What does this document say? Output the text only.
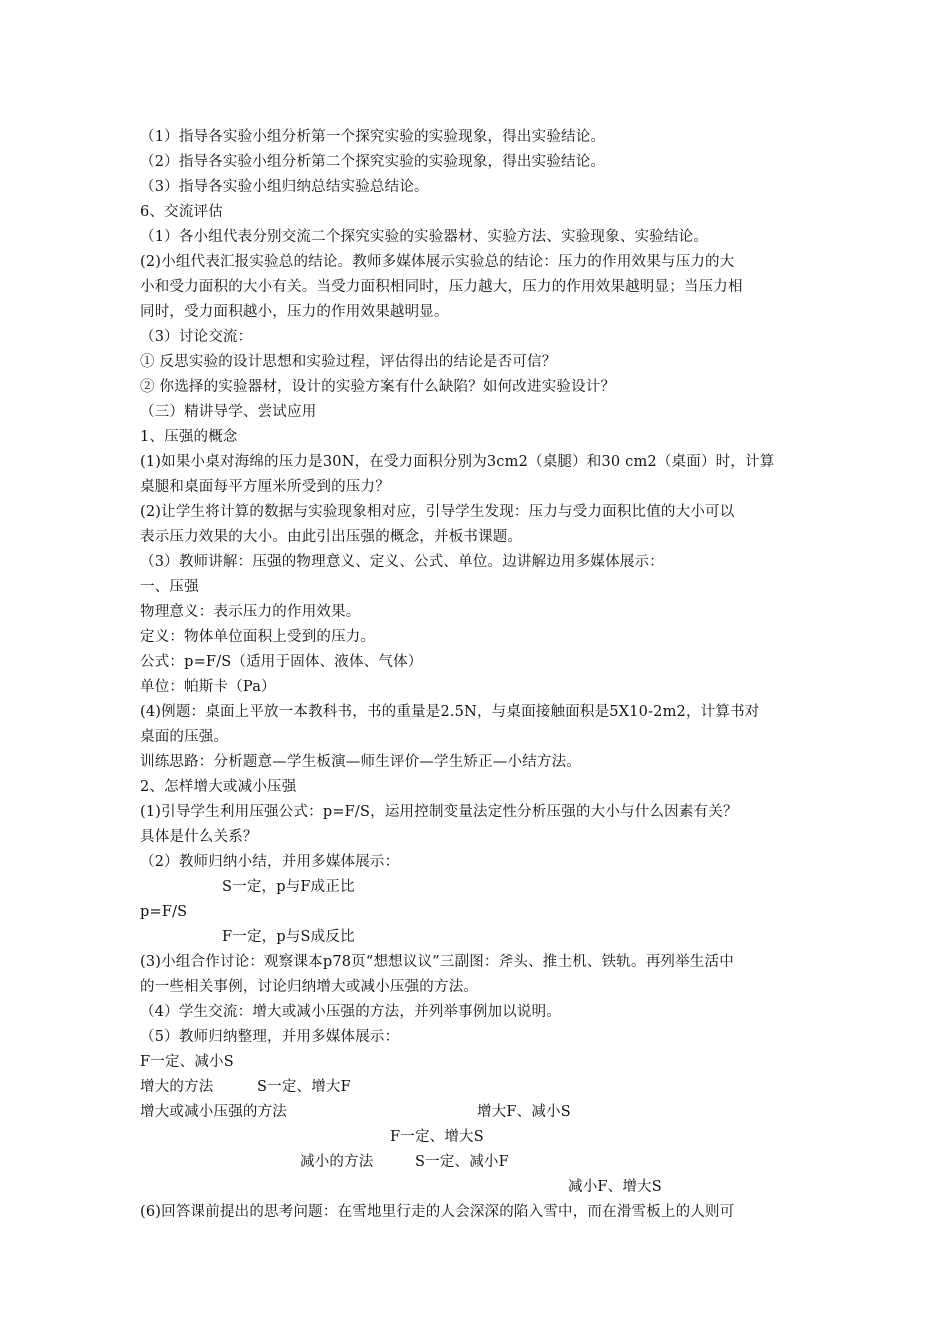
（1）指导各实验小组分析第一个探究实验的实验现象，得出实验结论。
（2）指导各实验小组分析第二个探究实验的实验现象，得出实验结论。
（3）指导各实验小组归纳总结实验总结论。
6、交流评估
（1）各小组代表分别交流二个探究实验的实验器材、实验方法、实验现象、实验结论。
(2)小组代表汇报实验总的结论。教师多媒体展示实验总的结论：压力的作用效果与压力的大
小和受力面积的大小有关。当受力面积相同时，压力越大，压力的作用效果越明显；当压力相
同时，受力面积越小，压力的作用效果越明显。
（3）讨论交流：
① 反思实验的设计思想和实验过程，评估得出的结论是否可信？
② 你选择的实验器材，设计的实验方案有什么缺陷？如何改进实验设计？
（三）精讲导学、尝试应用
1、压强的概念
(1)如果小桌对海绵的压力是30N，在受力面积分别为3cm2（桌腿）和30 cm2（桌面）时，计算
桌腿和桌面每平方厘米所受到的压力？
(2)让学生将计算的数据与实验现象相对应，引导学生发现：压力与受力面积比值的大小可以
表示压力效果的大小。由此引出压强的概念，并板书课题。
（3）教师讲解：压强的物理意义、定义、公式、单位。边讲解边用多媒体展示：
一、压强
物理意义：表示压力的作用效果。
定义：物体单位面积上受到的压力。
公式：p=F/S（适用于固体、液体、气体）
单位：帕斯卡（Pa）
(4)例题：桌面上平放一本教科书，书的重量是2.5N，与桌面接触面积是5X10-2m2，计算书对
桌面的压强。
训练思路：分析题意—学生板演—师生评价—学生矫正—小结方法。
2、怎样增大或减小压强
(1)引导学生利用压强公式：p=F/S，运用控制变量法定性分析压强的大小与什么因素有关？
具体是什么关系？
（2）教师归纳小结，并用多媒体展示：
S一定，p与F成正比
p=F/S
F一定，p与S成反比
(3)小组合作讨论：观察课本p78页“想想议议”三副图：斧头、推土机、铁轨。再列举生活中
的一些相关事例，讨论归纳增大或减小压强的方法。
（4）学生交流：增大或减小压强的方法，并列举事例加以说明。
（5）教师归纳整理，并用多媒体展示：
F一定、减小S
增大的方法	S一定、增大F
增大或减小压强的方法	增大F、减小S
F一定、增大S
减小的方法	S一定、减小F
减小F、增大S
(6)回答课前提出的思考问题：在雪地里行走的人会深深的陷入雪中，而在滑雪板上的人则可
